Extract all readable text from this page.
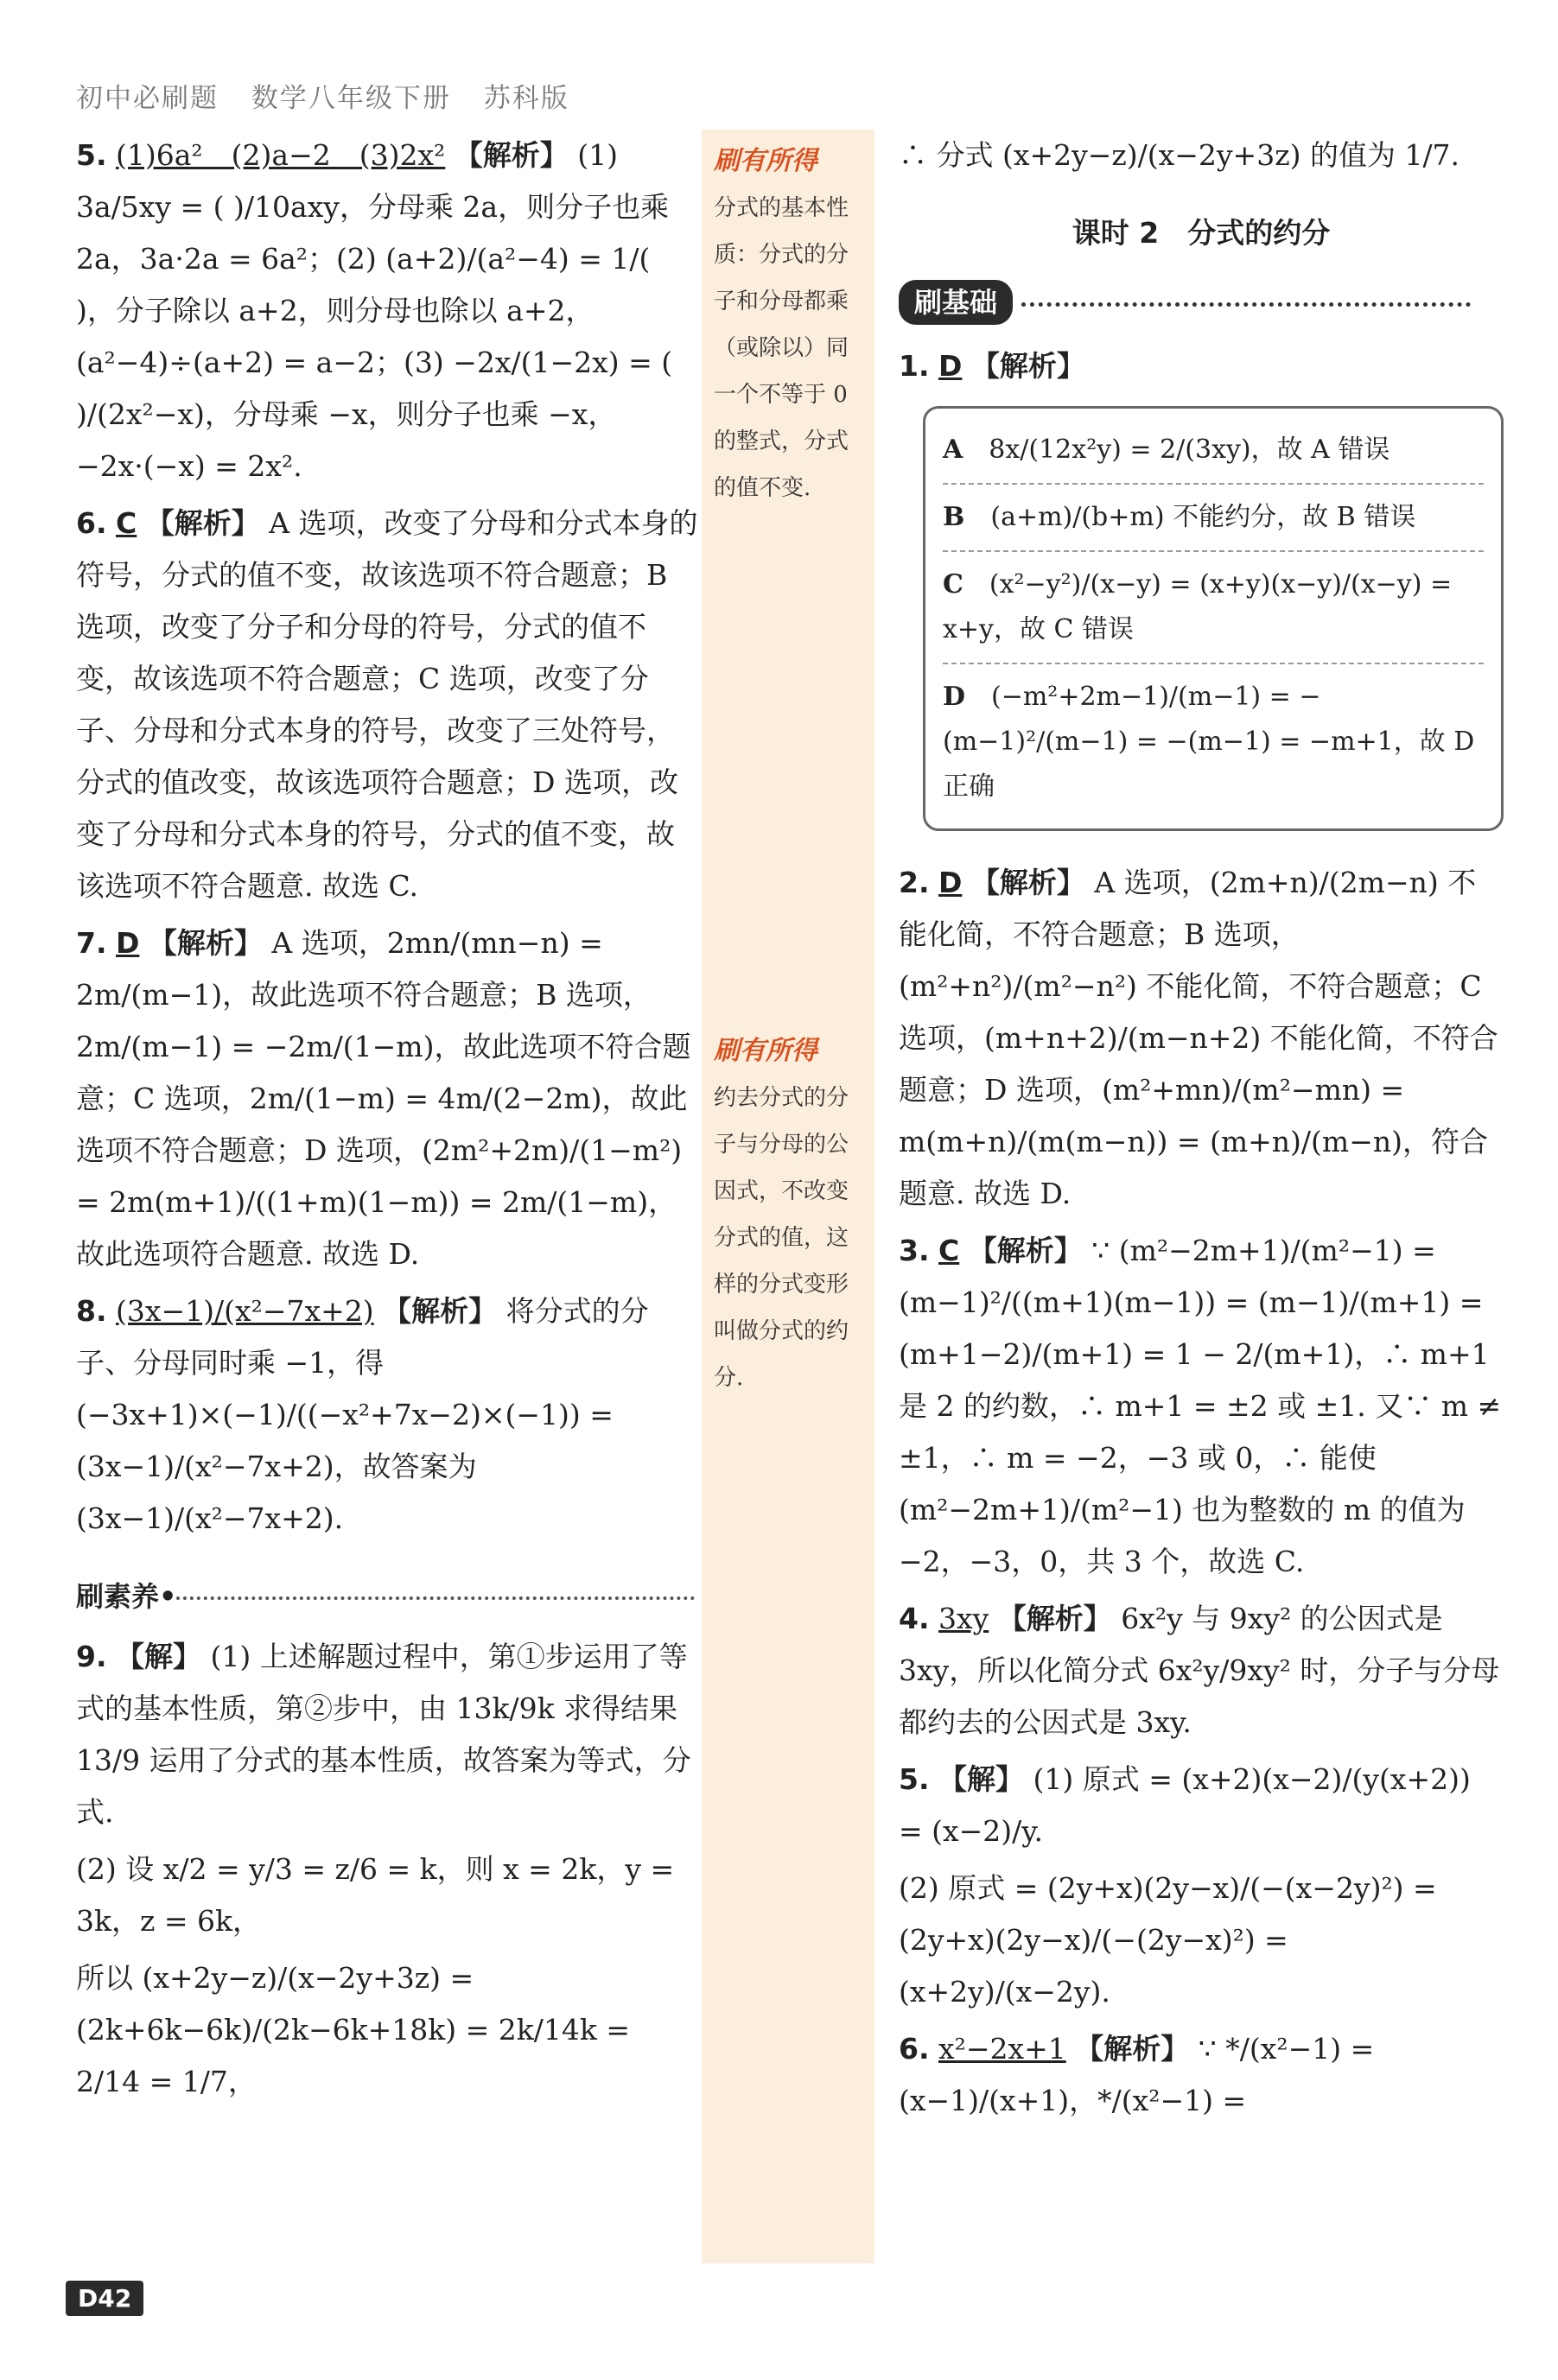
初中必刷题 数学八年级下册 苏科版
刷有所得
分式的基本性质：分式的分子和分母都乘（或除以）同一个不等于 0 的整式，分式的值不变.
刷有所得
约去分式的分子与分母的公因式，不改变分式的值，这样的分式变形叫做分式的约分.

5. (1)6a²　(2)a−2　(3)2x² 【解析】 (1) 3a/5xy = ( )/10axy，分母乘 2a，则分子也乘 2a，3a·2a = 6a²；(2) (a+2)/(a²−4) = 1/( )，分子除以 a+2，则分母也除以 a+2，(a²−4)÷(a+2) = a−2；(3) −2x/(1−2x) = ( )/(2x²−x)，分母乘 −x，则分子也乘 −x，−2x·(−x) = 2x².

6. C 【解析】 A 选项，改变了分母和分式本身的符号，分式的值不变，故该选项不符合题意；B 选项，改变了分子和分母的符号，分式的值不变，故该选项不符合题意；C 选项，改变了分子、分母和分式本身的符号，改变了三处符号，分式的值改变，故该选项符合题意；D 选项，改变了分母和分式本身的符号，分式的值不变，故该选项不符合题意. 故选 C.

7. D 【解析】 A 选项，2mn/(mn−n) = 2m/(m−1)，故此选项不符合题意；B 选项，2m/(m−1) = −2m/(1−m)，故此选项不符合题意；C 选项，2m/(1−m) = 4m/(2−2m)，故此选项不符合题意；D 选项，(2m²+2m)/(1−m²) = 2m(m+1)/((1+m)(1−m)) = 2m/(1−m)，故此选项符合题意. 故选 D.

8. (3x−1)/(x²−7x+2) 【解析】 将分式的分子、分母同时乘 −1，得 (−3x+1)×(−1)/((−x²+7x−2)×(−1)) = (3x−1)/(x²−7x+2)，故答案为 (3x−1)/(x²−7x+2).

刷素养•

9. 【解】 (1) 上述解题过程中，第①步运用了等式的基本性质，第②步中，由 13k/9k 求得结果 13/9 运用了分式的基本性质，故答案为等式，分式.

(2) 设 x/2 = y/3 = z/6 = k，则 x = 2k，y = 3k，z = 6k，

所以 (x+2y−z)/(x−2y+3z) = (2k+6k−6k)/(2k−6k+18k) = 2k/14k = 2/14 = 1/7，

∴ 分式 (x+2y−z)/(x−2y+3z) 的值为 1/7.

课时 2　分式的约分
刷基础

1. D 【解析】

A　 8x/(12x²y) = 2/(3xy)，故 A 错误
B　 (a+m)/(b+m) 不能约分，故 B 错误
C　 (x²−y²)/(x−y) = (x+y)(x−y)/(x−y) = x+y，故 C 错误
D　 (−m²+2m−1)/(m−1) = −(m−1)²/(m−1) = −(m−1) = −m+1，故 D 正确

2. D 【解析】 A 选项，(2m+n)/(2m−n) 不能化简，不符合题意；B 选项，(m²+n²)/(m²−n²) 不能化简，不符合题意；C 选项，(m+n+2)/(m−n+2) 不能化简，不符合题意；D 选项，(m²+mn)/(m²−mn) = m(m+n)/(m(m−n)) = (m+n)/(m−n)，符合题意. 故选 D.

3. C 【解析】 ∵ (m²−2m+1)/(m²−1) = (m−1)²/((m+1)(m−1)) = (m−1)/(m+1) = (m+1−2)/(m+1) = 1 − 2/(m+1)，∴ m+1 是 2 的约数，∴ m+1 = ±2 或 ±1. 又∵ m ≠ ±1，∴ m = −2，−3 或 0，∴ 能使 (m²−2m+1)/(m²−1) 也为整数的 m 的值为 −2，−3，0，共 3 个，故选 C.

4. 3xy 【解析】 6x²y 与 9xy² 的公因式是 3xy，所以化简分式 6x²y/9xy² 时，分子与分母都约去的公因式是 3xy.

5. 【解】 (1) 原式 = (x+2)(x−2)/(y(x+2)) = (x−2)/y.

(2) 原式 = (2y+x)(2y−x)/(−(x−2y)²) = (2y+x)(2y−x)/(−(2y−x)²) = (x+2y)/(x−2y).

6. x²−2x+1 【解析】 ∵ */(x²−1) = (x−1)/(x+1)，*/(x²−1) =

D42
